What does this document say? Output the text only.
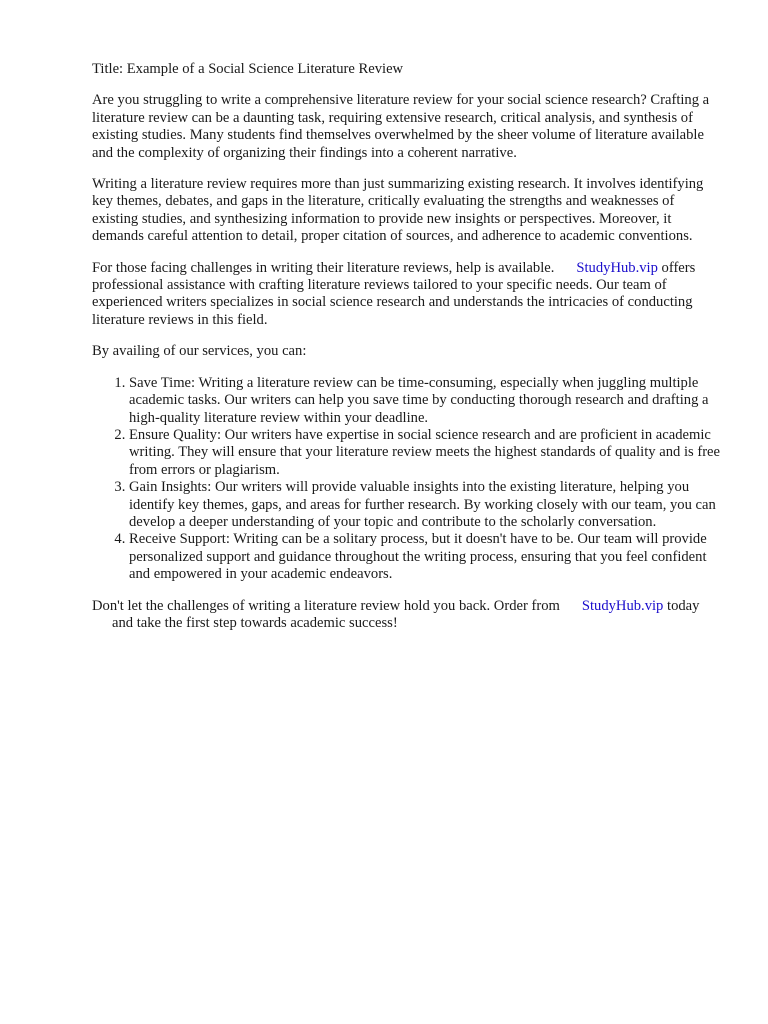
Title: Example of a Social Science Literature Review

Are you struggling to write a comprehensive literature review for your social science research? Crafting a literature review can be a daunting task, requiring extensive research, critical analysis, and synthesis of existing studies. Many students find themselves overwhelmed by the sheer volume of literature available and the complexity of organizing their findings into a coherent narrative.

Writing a literature review requires more than just summarizing existing research. It involves identifying key themes, debates, and gaps in the literature, critically evaluating the strengths and weaknesses of existing studies, and synthesizing information to provide new insights or perspectives. Moreover, it demands careful attention to detail, proper citation of sources, and adherence to academic conventions.

For those facing challenges in writing their literature reviews, help is available. StudyHub.vip offers professional assistance with crafting literature reviews tailored to your specific needs. Our team of experienced writers specializes in social science research and understands the intricacies of conducting literature reviews in this field.

By availing of our services, you can:

1. Save Time: Writing a literature review can be time-consuming, especially when juggling multiple academic tasks. Our writers can help you save time by conducting thorough research and drafting a high-quality literature review within your deadline.
2. Ensure Quality: Our writers have expertise in social science research and are proficient in academic writing. They will ensure that your literature review meets the highest standards of quality and is free from errors or plagiarism.
3. Gain Insights: Our writers will provide valuable insights into the existing literature, helping you identify key themes, gaps, and areas for further research. By working closely with our team, you can develop a deeper understanding of your topic and contribute to the scholarly conversation.
4. Receive Support: Writing can be a solitary process, but it doesn't have to be. Our team will provide personalized support and guidance throughout the writing process, ensuring that you feel confident and empowered in your academic endeavors.

Don't let the challenges of writing a literature review hold you back. Order from StudyHub.vip today and take the first step towards academic success!
